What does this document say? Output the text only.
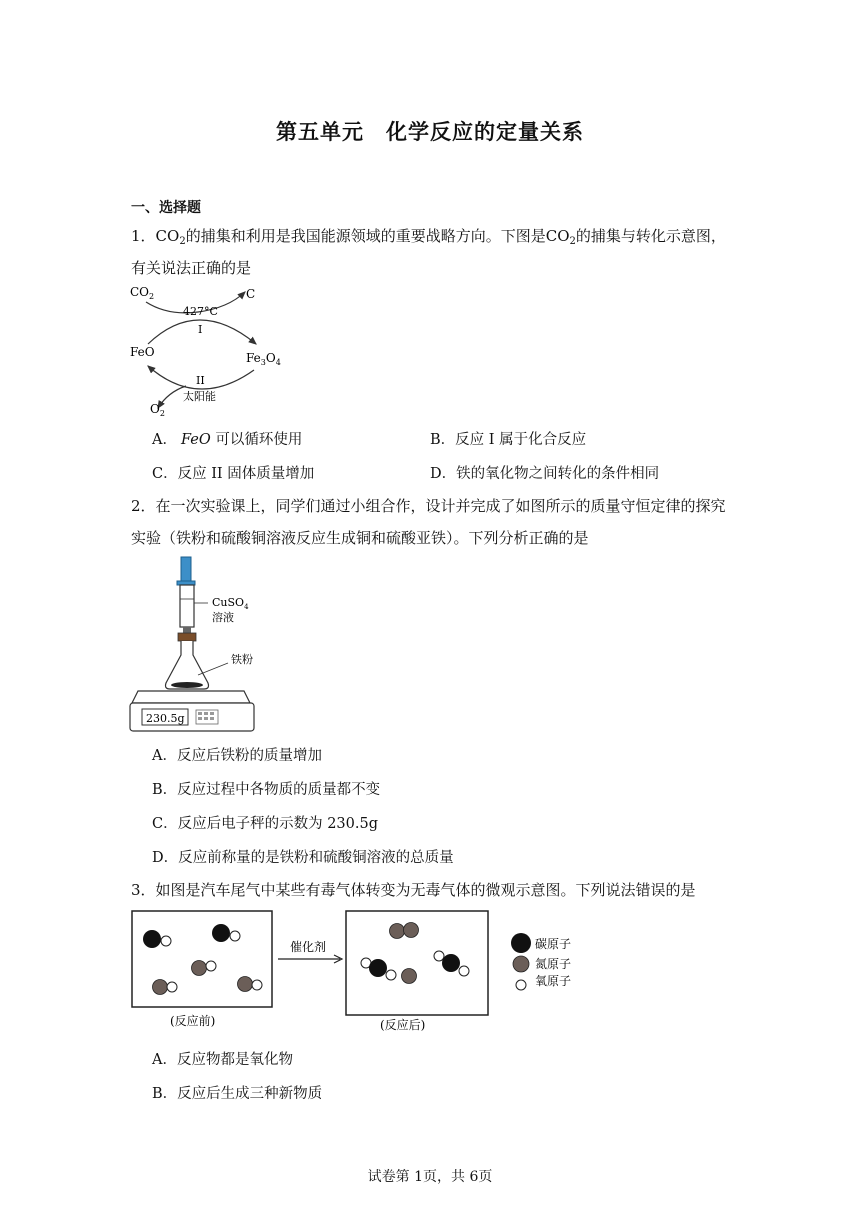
第五单元　化学反应的定量关系
一、选择题
1．$CO_2$的捕集和利用是我国能源领域的重要战略方向。下图是$CO_2$的捕集与转化示意图，
有关说法正确的是
$CO_2$	C
427°C
I
FeO	$Fe_3O_4$
II
太阳能
$O_2$
A． FeO 可以循环使用	B．反应 I 属于化合反应
C．反应 II 固体质量增加	D．铁的氧化物之间转化的条件相同
2．在一次实验课上，同学们通过小组合作，设计并完成了如图所示的质量守恒定律的探究
实验（铁粉和硫酸铜溶液反应生成铜和硫酸亚铁）。下列分析正确的是
CuSO$_4$
溶液
铁粉
230.5g
A．反应后铁粉的质量增加
B．反应过程中各物质的质量都不变
C．反应后电子秤的示数为 230.5g
D．反应前称量的是铁粉和硫酸铜溶液的总质量
3．如图是汽车尾气中某些有毒气体转变为无毒气体的微观示意图。下列说法错误的是
(反应前)
催化剂
(反应后)
碳原子
氮原子
氧原子
A．反应物都是氧化物
B．反应后生成三种新物质
试卷第 1页，共 6页
